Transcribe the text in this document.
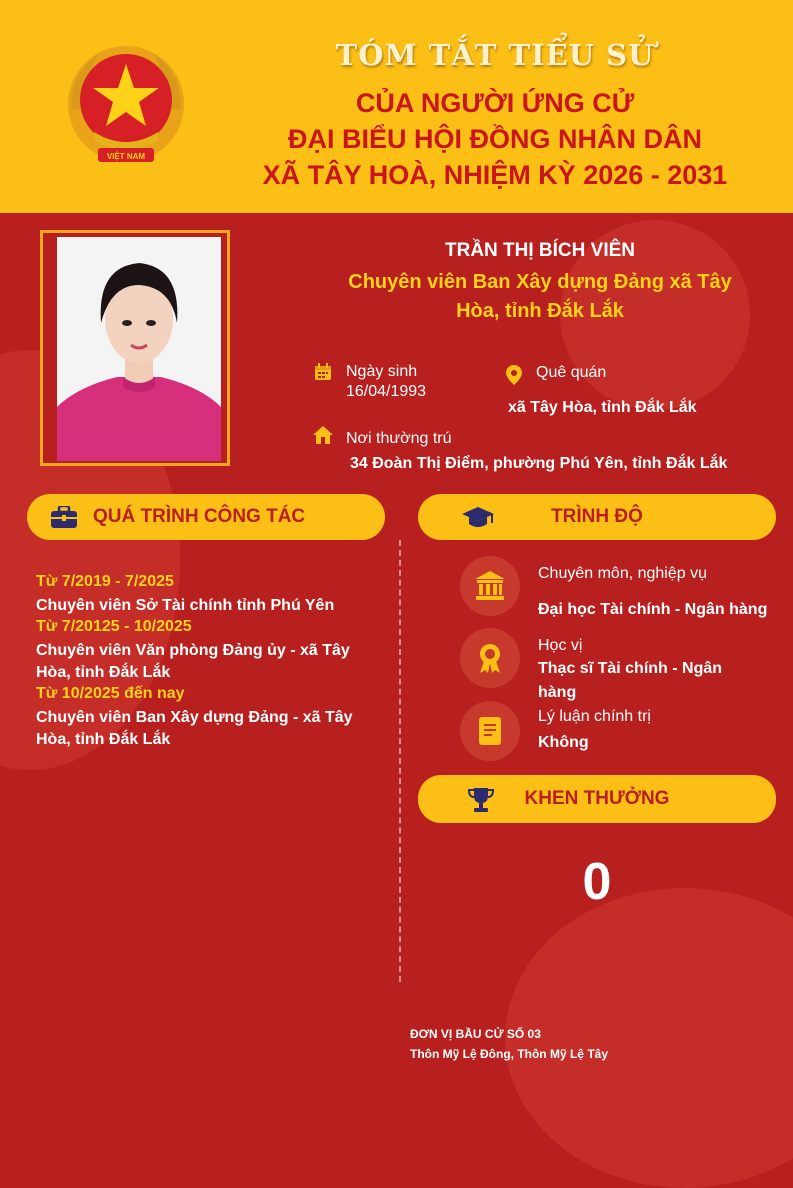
VIỆT NAM
TÓM TẮT TIỂU SỬ
CỦA NGƯỜI ỨNG CỬ
ĐẠI BIỂU HỘI ĐỒNG NHÂN DÂN
XÃ TÂY HOÀ, NHIỆM KỲ 2026 - 2031
TRẦN THỊ BÍCH VIÊN
Chuyên viên Ban Xây dựng Đảng xã Tây Hòa, tỉnh Đắk Lắk
Ngày sinh
16/04/1993
Quê quán
xã Tây Hòa, tỉnh Đắk Lắk
Nơi thường trú
34 Đoàn Thị Điểm, phường Phú Yên, tỉnh Đắk Lắk
QUÁ TRÌNH CÔNG TÁC	TRÌNH ĐỘ
Từ 7/2019 - 7/2025
Chuyên viên Sở Tài chính tỉnh Phú Yên
Từ 7/20125 - 10/2025
Chuyên viên Văn phòng Đảng ủy - xã Tây Hòa, tỉnh Đắk Lắk
Từ 10/2025 đến nay
Chuyên viên Ban Xây dựng Đảng - xã Tây Hòa, tỉnh Đắk Lắk
Chuyên môn, nghiệp vụ
Đại học Tài chính - Ngân hàng
Học vị
Thạc sĩ Tài chính - Ngân hàng
Lý luận chính trị
Không
KHEN THƯỞNG
0
ĐƠN VỊ BẦU CỬ SỐ 03
Thôn Mỹ Lệ Đông, Thôn Mỹ Lệ Tây
